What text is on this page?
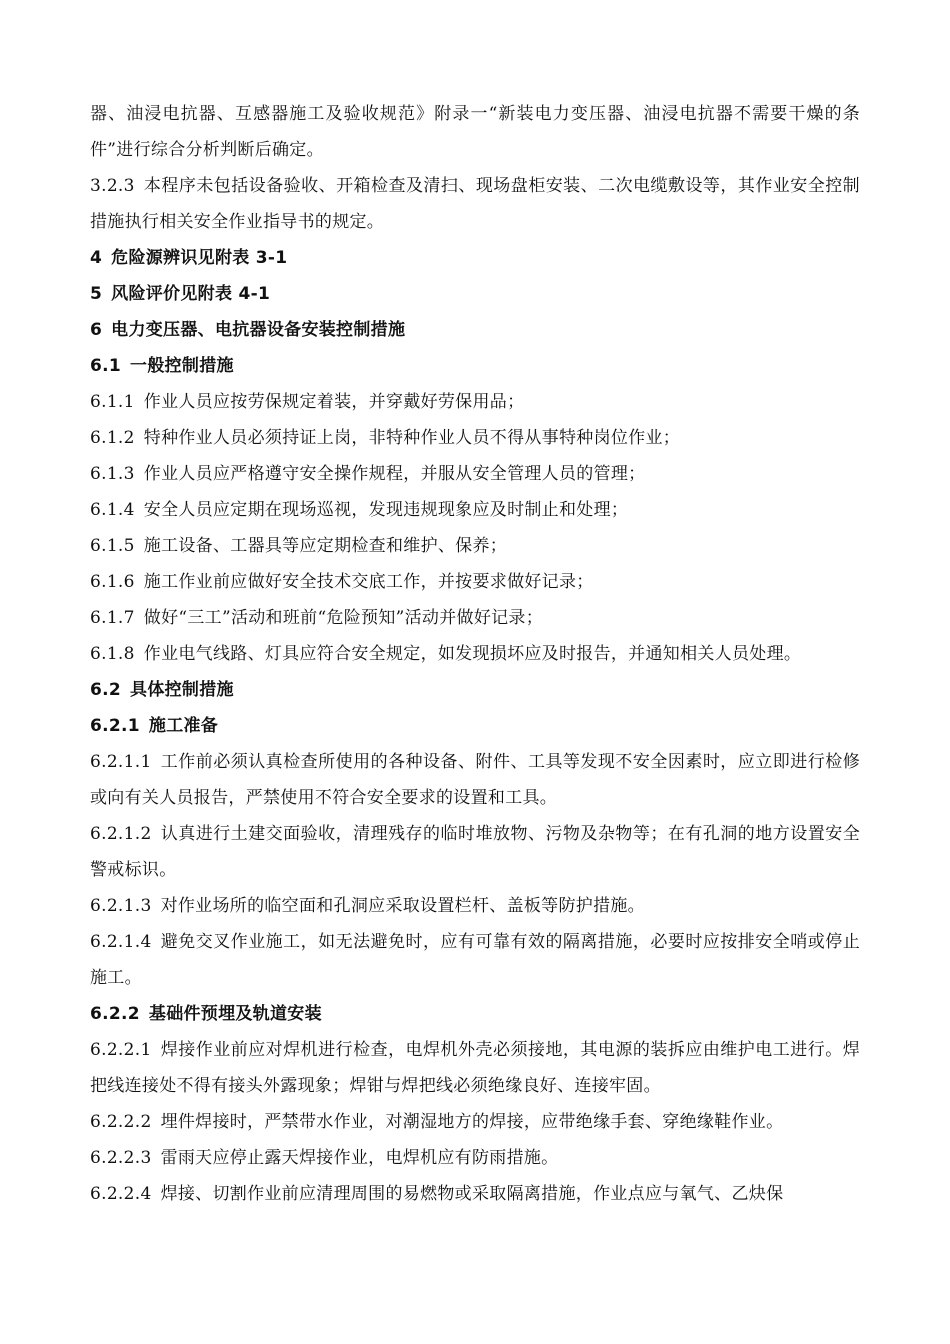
器、油浸电抗器、互感器施工及验收规范》附录一“新装电力变压器、油浸电抗器不需要干燥的条件”进行综合分析判断后确定。

3.2.3 本程序未包括设备验收、开箱检查及清扫、现场盘柜安装、二次电缆敷设等，其作业安全控制措施执行相关安全作业指导书的规定。

4 危险源辨识见附表 3-1

5 风险评价见附表 4-1

6 电力变压器、电抗器设备安装控制措施

6.1 一般控制措施

6.1.1 作业人员应按劳保规定着装，并穿戴好劳保用品；

6.1.2 特种作业人员必须持证上岗，非特种作业人员不得从事特种岗位作业；

6.1.3 作业人员应严格遵守安全操作规程，并服从安全管理人员的管理；

6.1.4 安全人员应定期在现场巡视，发现违规现象应及时制止和处理；

6.1.5 施工设备、工器具等应定期检查和维护、保养；

6.1.6 施工作业前应做好安全技术交底工作，并按要求做好记录；

6.1.7 做好“三工”活动和班前“危险预知”活动并做好记录；

6.1.8 作业电气线路、灯具应符合安全规定，如发现损坏应及时报告，并通知相关人员处理。

6.2 具体控制措施

6.2.1 施工准备

6.2.1.1 工作前必须认真检查所使用的各种设备、附件、工具等发现不安全因素时，应立即进行检修或向有关人员报告，严禁使用不符合安全要求的设置和工具。

6.2.1.2 认真进行土建交面验收，清理残存的临时堆放物、污物及杂物等；在有孔洞的地方设置安全警戒标识。

6.2.1.3 对作业场所的临空面和孔洞应采取设置栏杆、盖板等防护措施。

6.2.1.4 避免交叉作业施工，如无法避免时，应有可靠有效的隔离措施，必要时应按排安全哨或停止施工。

6.2.2 基础件预埋及轨道安装

6.2.2.1 焊接作业前应对焊机进行检查，电焊机外壳必须接地，其电源的装拆应由维护电工进行。焊把线连接处不得有接头外露现象；焊钳与焊把线必须绝缘良好、连接牢固。

6.2.2.2 埋件焊接时，严禁带水作业，对潮湿地方的焊接，应带绝缘手套、穿绝缘鞋作业。

6.2.2.3 雷雨天应停止露天焊接作业，电焊机应有防雨措施。

6.2.2.4 焊接、切割作业前应清理周围的易燃物或采取隔离措施，作业点应与氧气、乙炔保
